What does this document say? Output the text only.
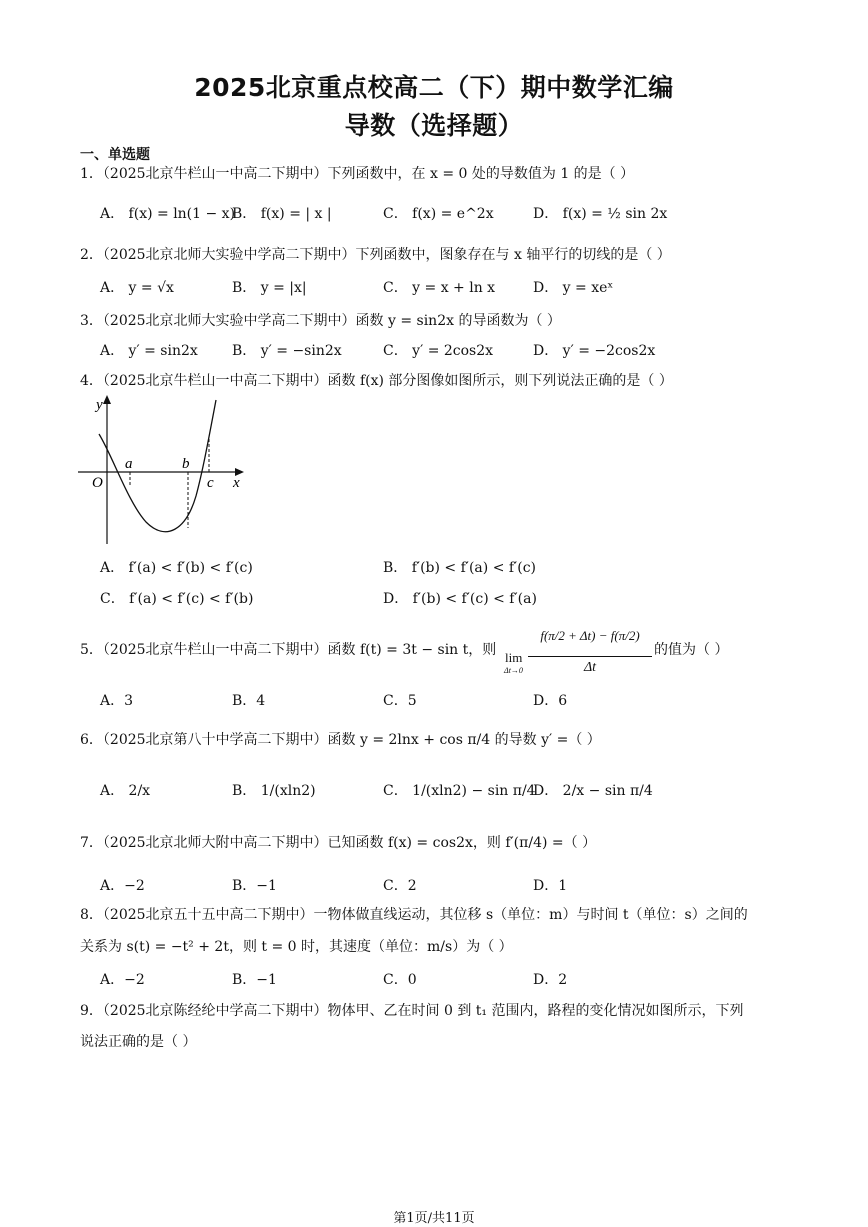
2025北京重点校高二（下）期中数学汇编
导数（选择题）
一、单选题
1．（2025北京牛栏山一中高二下期中）下列函数中，在 x = 0 处的导数值为 1 的是（ ）
A． f(x) = ln(1 − x)
B． f(x) = | x |	C． f(x) = e^2x	D． f(x) = ½ sin 2x
2．（2025北京北师大实验中学高二下期中）下列函数中，图象存在与 x 轴平行的切线的是（ ）
A． y = √x	B． y = |x|	C． y = x + ln x	D． y = xeˣ
3．（2025北京北师大实验中学高二下期中）函数 y = sin2x 的导函数为（ ）
A． y′ = sin2x B． y′ = −sin2x	C． y′ = 2cos2x	D． y′ = −2cos2x
4．（2025北京牛栏山一中高二下期中）函数 f(x) 部分图像如图所示，则下列说法正确的是（ ）
y
O
a	b
c x
A． f′(a) < f′(b) < f′(c)	B． f′(b) < f′(a) < f′(c)
C． f′(a) < f′(c) < f′(b)	D． f′(b) < f′(c) < f′(a)
5．（2025北京牛栏山一中高二下期中）函数 f(t) = 3t − sin t，则 lim
Δt→0
f(π/2 + Δt) − f(π/2)
Δt
的值为（ ）
A．3	B．4	C．5	D．6
6．（2025北京第八十中学高二下期中）函数 y = 2lnx + cos π/4 的导数 y′ =（ ）
A． 2/x	B． 1/(xln2)	C． 1/(xln2) − sin π/4
D． 2/x − sin π/4
7．（2025北京北师大附中高二下期中）已知函数 f(x) = cos2x，则 f′(π/4) =（ ）
A．−2	B．−1	C．2	D．1
8．（2025北京五十五中高二下期中）一物体做直线运动，其位移 s（单位：m）与时间 t（单位：s）之间的
关系为 s(t) = −t² + 2t，则 t = 0 时，其速度（单位：m/s）为（ ）
A．−2	B．−1	C．0	D．2
9．（2025北京陈经纶中学高二下期中）物体甲、乙在时间 0 到 t₁ 范围内，路程的变化情况如图所示，下列
说法正确的是（ ）
第1页/共11页
